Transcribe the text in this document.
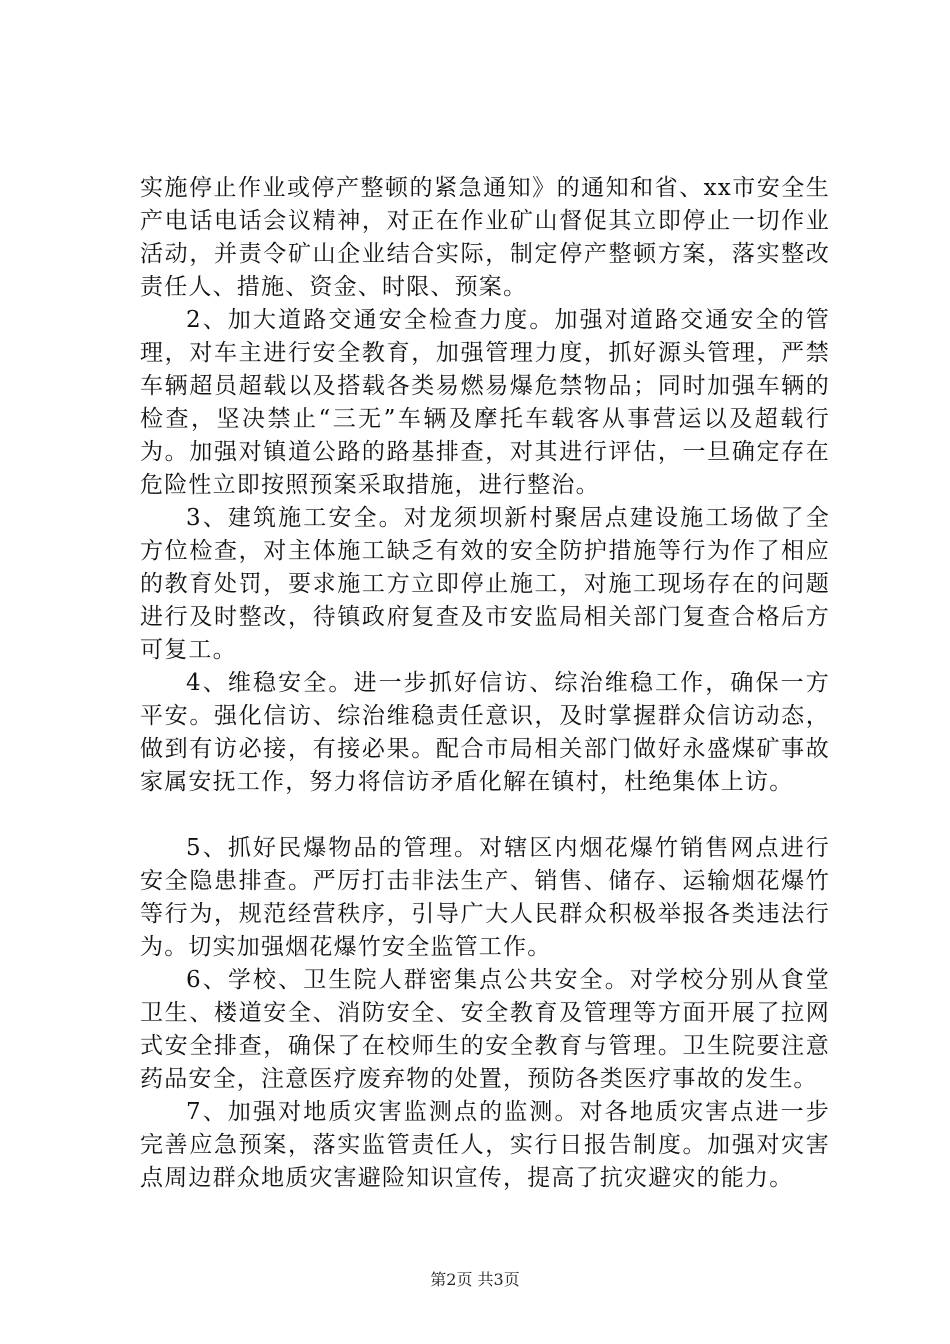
实施停止作业或停产整顿的紧急通知》的通知和省、xx市安全生产电话电话会议精神，对正在作业矿山督促其立即停止一切作业活动，并责令矿山企业结合实际，制定停产整顿方案，落实整改责任人、措施、资金、时限、预案。

2、加大道路交通安全检查力度。加强对道路交通安全的管理，对车主进行安全教育，加强管理力度，抓好源头管理，严禁车辆超员超载以及搭载各类易燃易爆危禁物品；同时加强车辆的检查，坚决禁止“三无”车辆及摩托车载客从事营运以及超载行为。加强对镇道公路的路基排查，对其进行评估，一旦确定存在危险性立即按照预案采取措施，进行整治。

3、建筑施工安全。对龙须坝新村聚居点建设施工场做了全方位检查，对主体施工缺乏有效的安全防护措施等行为作了相应的教育处罚，要求施工方立即停止施工，对施工现场存在的问题进行及时整改，待镇政府复查及市安监局相关部门复查合格后方可复工。

4、维稳安全。进一步抓好信访、综治维稳工作，确保一方平安。强化信访、综治维稳责任意识，及时掌握群众信访动态，做到有访必接，有接必果。配合市局相关部门做好永盛煤矿事故家属安抚工作，努力将信访矛盾化解在镇村，杜绝集体上访。

5、抓好民爆物品的管理。对辖区内烟花爆竹销售网点进行安全隐患排查。严厉打击非法生产、销售、储存、运输烟花爆竹等行为，规范经营秩序，引导广大人民群众积极举报各类违法行为。切实加强烟花爆竹安全监管工作。

6、学校、卫生院人群密集点公共安全。对学校分别从食堂卫生、楼道安全、消防安全、安全教育及管理等方面开展了拉网式安全排查，确保了在校师生的安全教育与管理。卫生院要注意药品安全，注意医疗废弃物的处置，预防各类医疗事故的发生。

7、加强对地质灾害监测点的监测。对各地质灾害点进一步完善应急预案，落实监管责任人，实行日报告制度。加强对灾害点周边群众地质灾害避险知识宣传，提高了抗灾避灾的能力。

第2页 共3页
